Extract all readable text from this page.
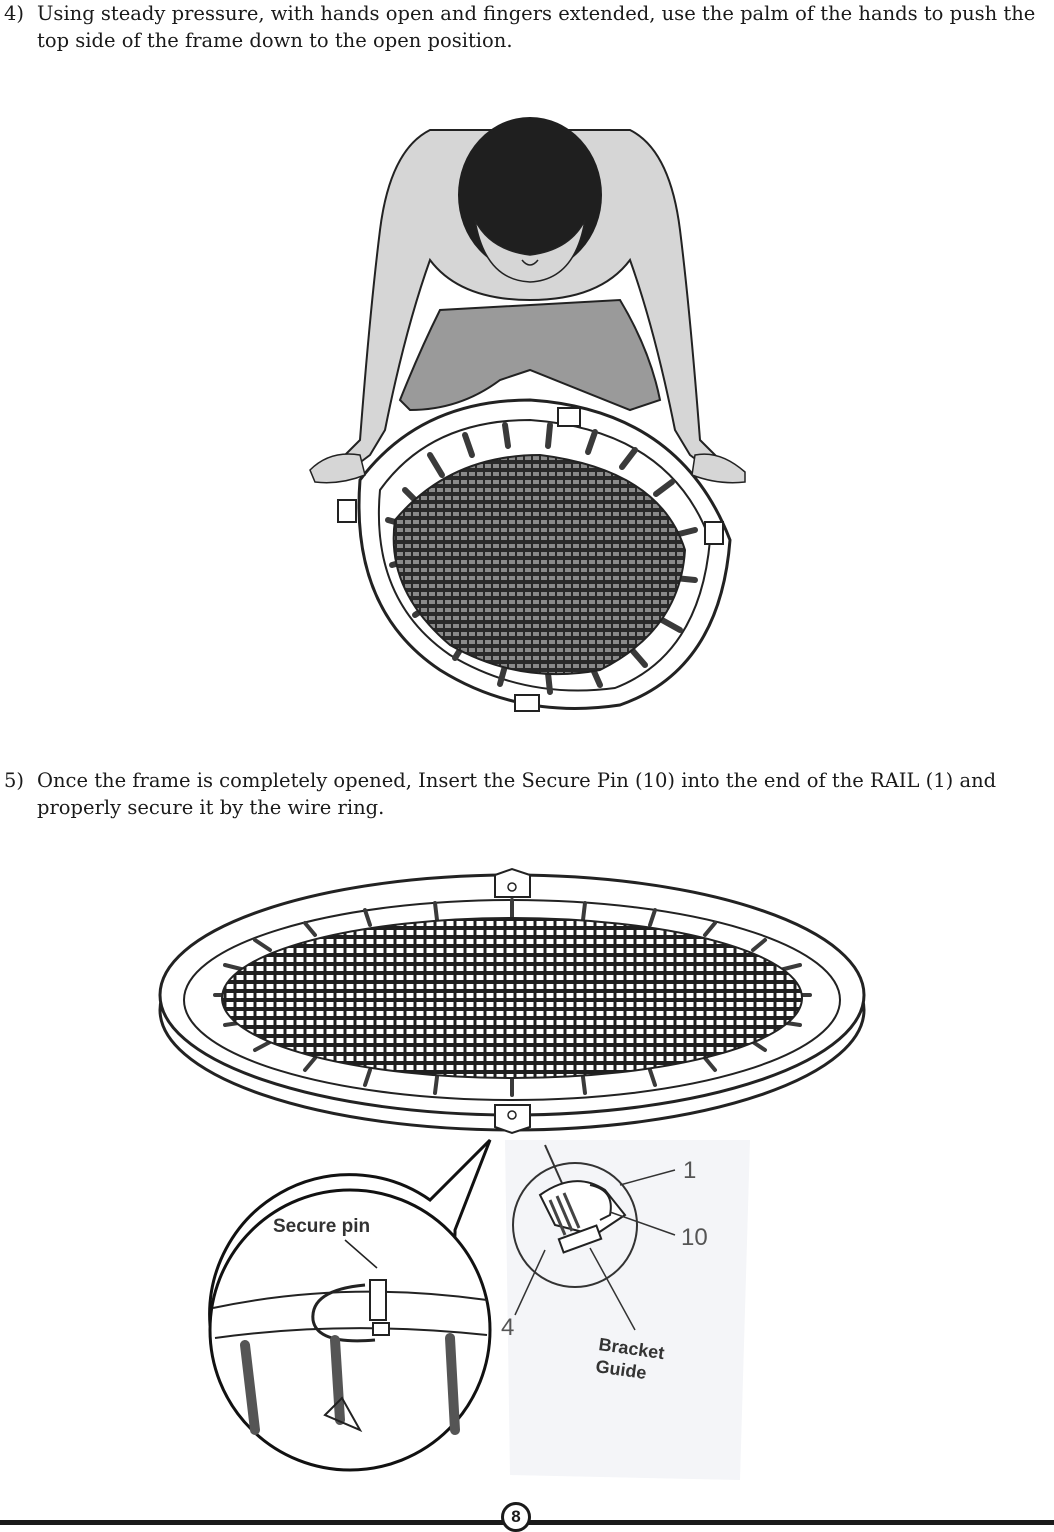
4) Using steady pressure, with hands open and fingers extended, use the palm of the hands to push the top side of the frame down to the open position.
5) Once the frame is completely opened, Insert the Secure Pin (10) into the end of the RAIL (1) and properly secure it by the wire ring.
Secure pin
1
10
4
Bracket
Guide
8
